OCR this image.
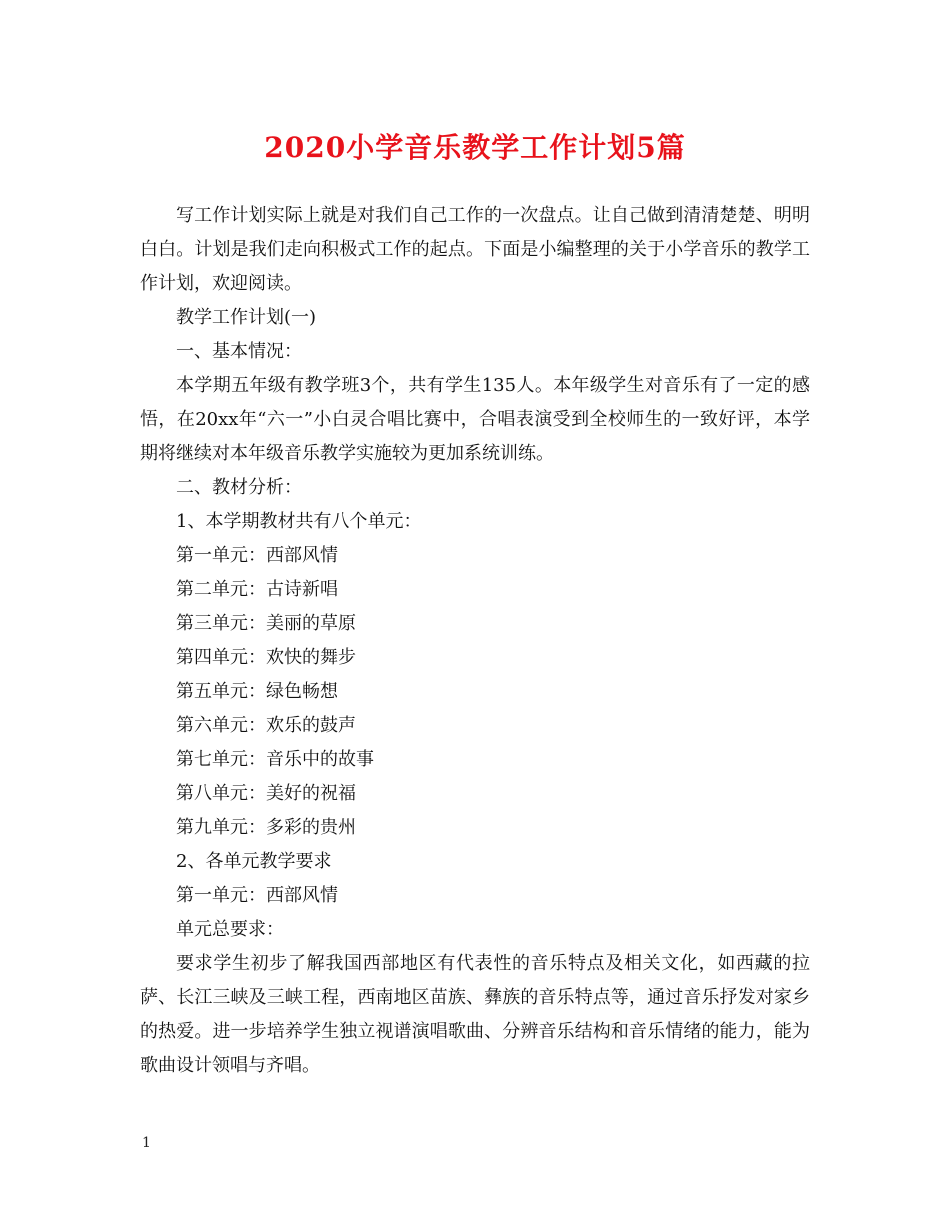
2020小学音乐教学工作计划5篇

写工作计划实际上就是对我们自己工作的一次盘点。让自己做到清清楚楚、明明白白。计划是我们走向积极式工作的起点。下面是小编整理的关于小学音乐的教学工作计划，欢迎阅读。

教学工作计划(一)

一、基本情况：

本学期五年级有教学班3个，共有学生135人。本年级学生对音乐有了一定的感悟，在20xx年“六一”小白灵合唱比赛中，合唱表演受到全校师生的一致好评，本学期将继续对本年级音乐教学实施较为更加系统训练。

二、教材分析：

1、本学期教材共有八个单元：

第一单元：西部风情

第二单元：古诗新唱

第三单元：美丽的草原

第四单元：欢快的舞步

第五单元：绿色畅想

第六单元：欢乐的鼓声

第七单元：音乐中的故事

第八单元：美好的祝福

第九单元：多彩的贵州

2、各单元教学要求

第一单元：西部风情

单元总要求：

要求学生初步了解我国西部地区有代表性的音乐特点及相关文化，如西藏的拉萨、长江三峡及三峡工程，西南地区苗族、彝族的音乐特点等，通过音乐抒发对家乡的热爱。进一步培养学生独立视谱演唱歌曲、分辨音乐结构和音乐情绪的能力，能为歌曲设计领唱与齐唱。

1
